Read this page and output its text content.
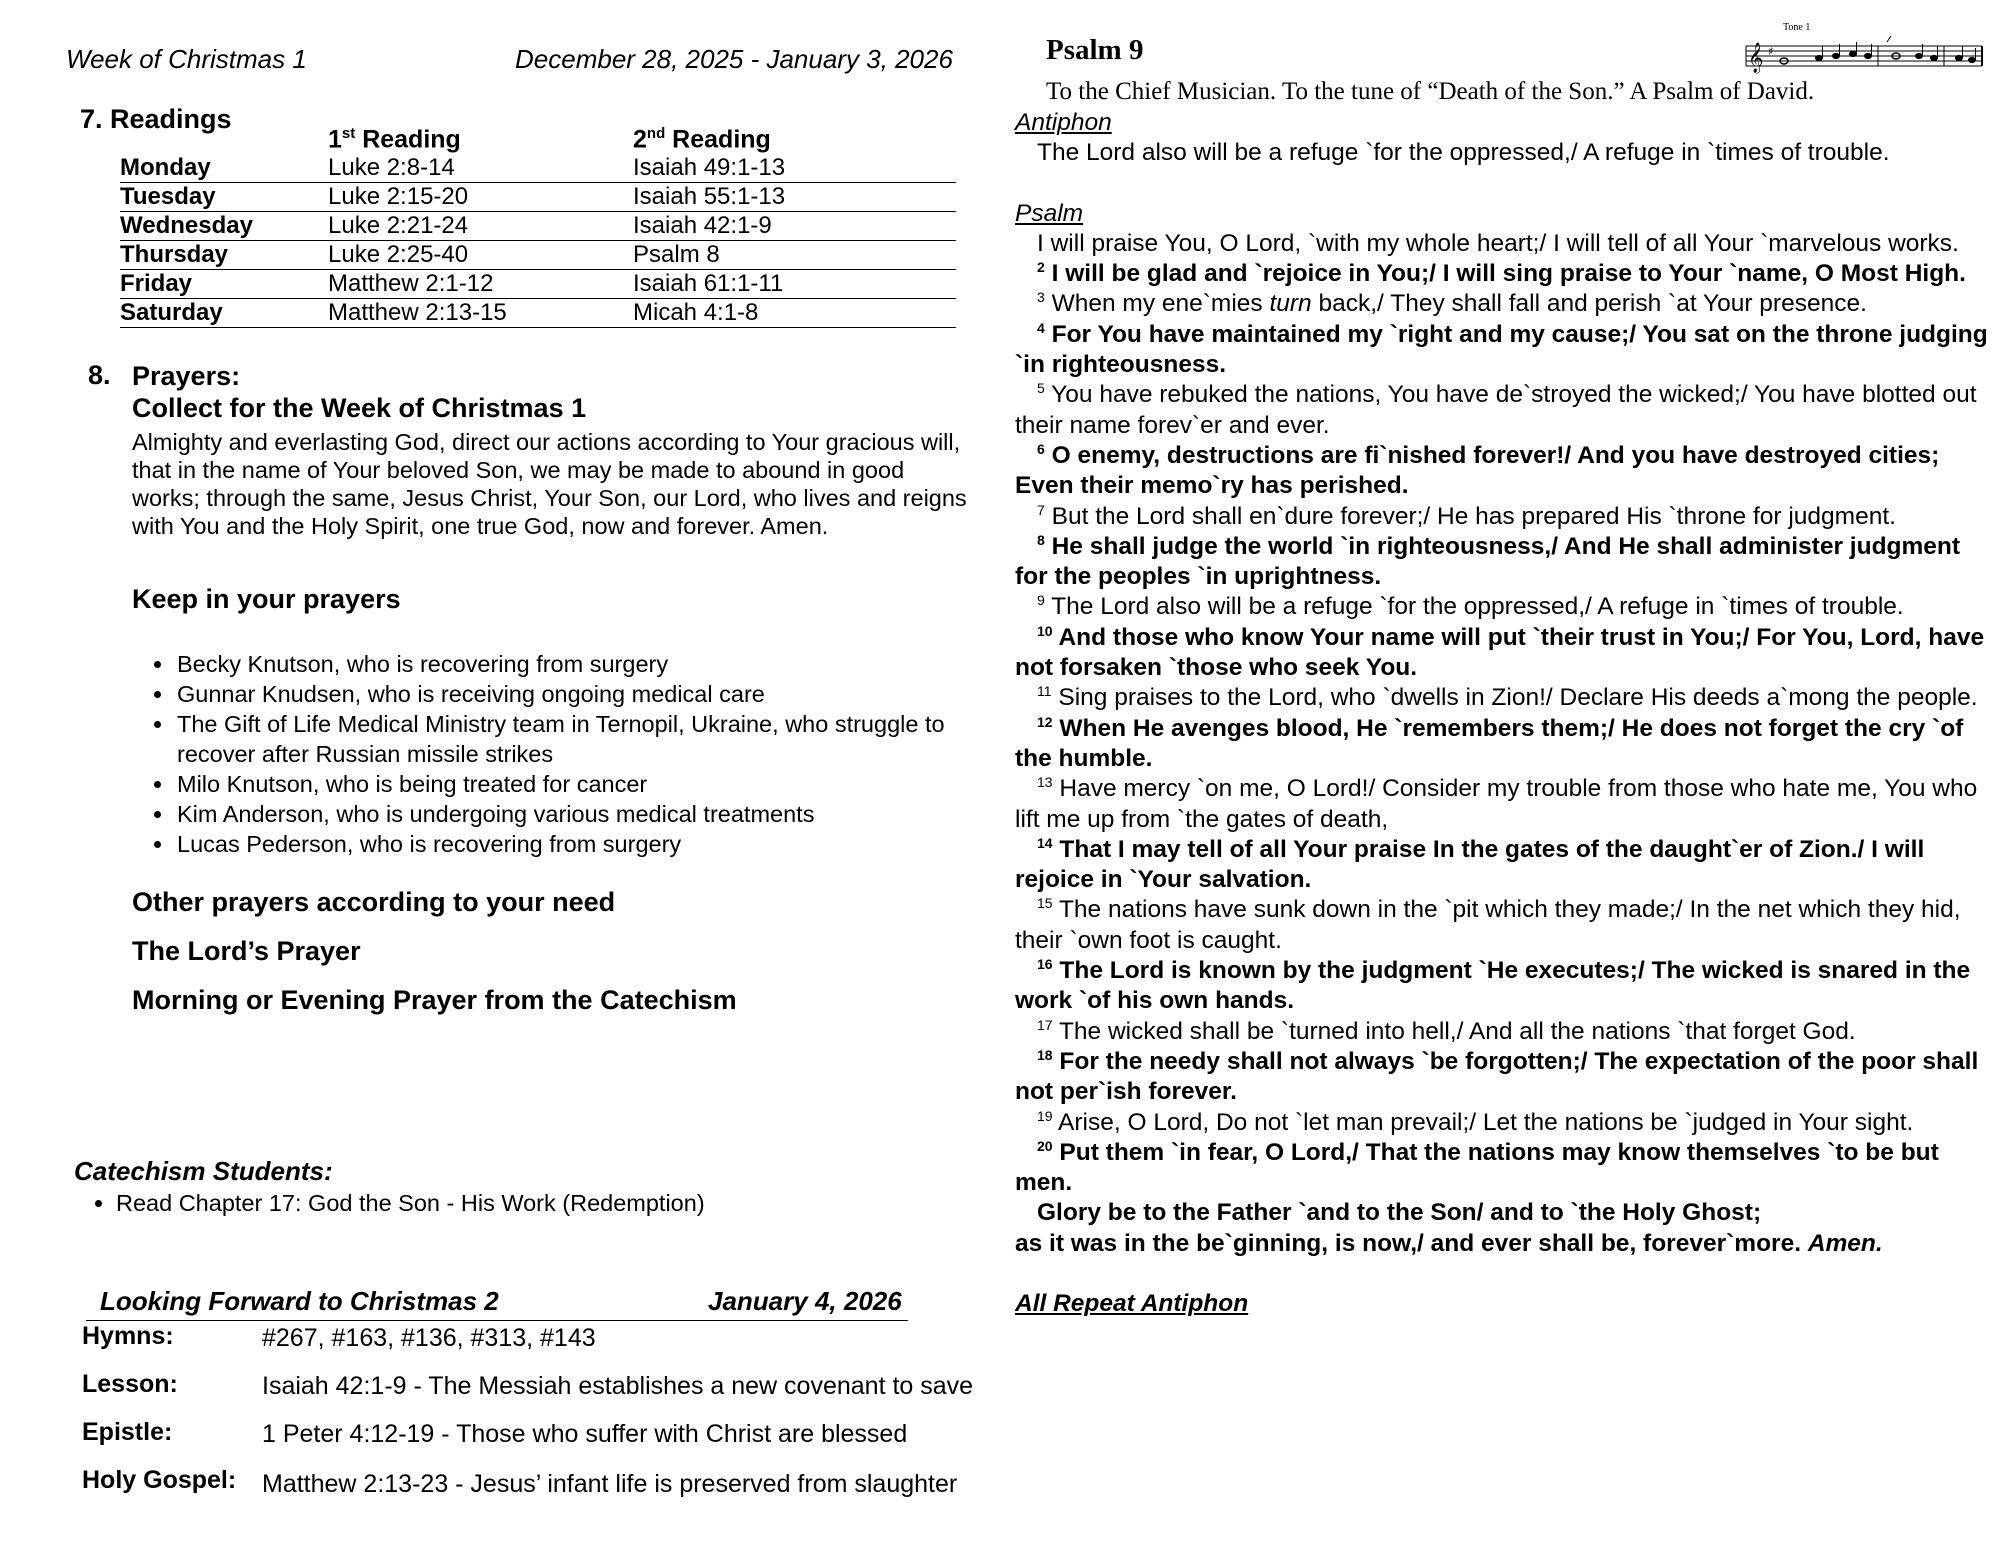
Week of Christmas 1	December 28, 2025 - January 3, 2026
7. Readings
	1st Reading	2nd Reading
Monday	Luke 2:8-14	Isaiah 49:1-13
Tuesday	Luke 2:15-20	Isaiah 55:1-13
Wednesday	Luke 2:21-24	Isaiah 42:1-9
Thursday	Luke 2:25-40	Psalm 8
Friday	Matthew 2:1-12	Isaiah 61:1-11
Saturday	Matthew 2:13-15	Micah 4:1-8
8. Prayers:
Collect for the Week of Christmas 1
Almighty and everlasting God, direct our actions according to Your gracious will, that in the name of Your beloved Son, we may be made to abound in good works; through the same, Jesus Christ, Your Son, our Lord, who lives and reigns with You and the Holy Spirit, one true God, now and forever. Amen.
Keep in your prayers
• Becky Knutson, who is recovering from surgery
• Gunnar Knudsen, who is receiving ongoing medical care
• The Gift of Life Medical Ministry team in Ternopil, Ukraine, who struggle to recover after Russian missile strikes
• Milo Knutson, who is being treated for cancer
• Kim Anderson, who is undergoing various medical treatments
• Lucas Pederson, who is recovering from surgery
Other prayers according to your need
The Lord’s Prayer
Morning or Evening Prayer from the Catechism
Catechism Students:
• Read Chapter 17: God the Son - His Work (Redemption)
Looking Forward to Christmas 2	January 4, 2026
Hymns:	#267, #163, #136, #313, #143
Lesson:	Isaiah 42:1-9 - The Messiah establishes a new covenant to save
Epistle:	1 Peter 4:12-19 - Those who suffer with Christ are blessed
Holy Gospel: Matthew 2:13-23 - Jesus’ infant life is preserved from slaughter
Psalm 9
Tone 1
𝄞 ♯
To the Chief Musician. To the tune of “Death of the Son.” A Psalm of David.
Antiphon
The Lord also will be a refuge `for the oppressed,/ A refuge in `times of trouble.
Psalm
I will praise You, O Lord, `with my whole heart;/ I will tell of all Your `marvelous works.
$^2$ I will be glad and `rejoice in You;/ I will sing praise to Your `name, O Most High.
$^3$ When my ene`mies turn back,/ They shall fall and perish `at Your presence.
$^4$ For You have maintained my `right and my cause;/ You sat on the throne judging `in righteousness.
$^5$ You have rebuked the nations, You have de`stroyed the wicked;/ You have blotted out their name forev`er and ever.
$^6$ O enemy, destructions are fi`nished forever!/ And you have destroyed cities; Even their memo`ry has perished.
$^7$ But the Lord shall en`dure forever;/ He has prepared His `throne for judgment.
$^8$ He shall judge the world `in righteousness,/ And He shall administer judgment for the peoples `in uprightness.
$^9$ The Lord also will be a refuge `for the oppressed,/ A refuge in `times of trouble.
$^{10}$ And those who know Your name will put `their trust in You;/ For You, Lord, have not forsaken `those who seek You.
$^{11}$ Sing praises to the Lord, who `dwells in Zion!/ Declare His deeds a`mong the people.
$^{12}$ When He avenges blood, He `remembers them;/ He does not forget the cry `of the humble.
$^{13}$ Have mercy `on me, O Lord!/ Consider my trouble from those who hate me, You who lift me up from `the gates of death,
$^{14}$ That I may tell of all Your praise In the gates of the daught`er of Zion./ I will rejoice in `Your salvation.
$^{15}$ The nations have sunk down in the `pit which they made;/ In the net which they hid, their `own foot is caught.
$^{16}$ The Lord is known by the judgment `He executes;/ The wicked is snared in the work `of his own hands.
$^{17}$ The wicked shall be `turned into hell,/ And all the nations `that forget God.
$^{18}$ For the needy shall not always `be forgotten;/ The expectation of the poor shall not per`ish forever.
$^{19}$ Arise, O Lord, Do not `let man prevail;/ Let the nations be `judged in Your sight.
$^{20}$ Put them `in fear, O Lord,/ That the nations may know themselves `to be but men.
Glory be to the Father `and to the Son/ and to `the Holy Ghost;
as it was in the be`ginning, is now,/ and ever shall be, forever`more. Amen.
All Repeat Antiphon
